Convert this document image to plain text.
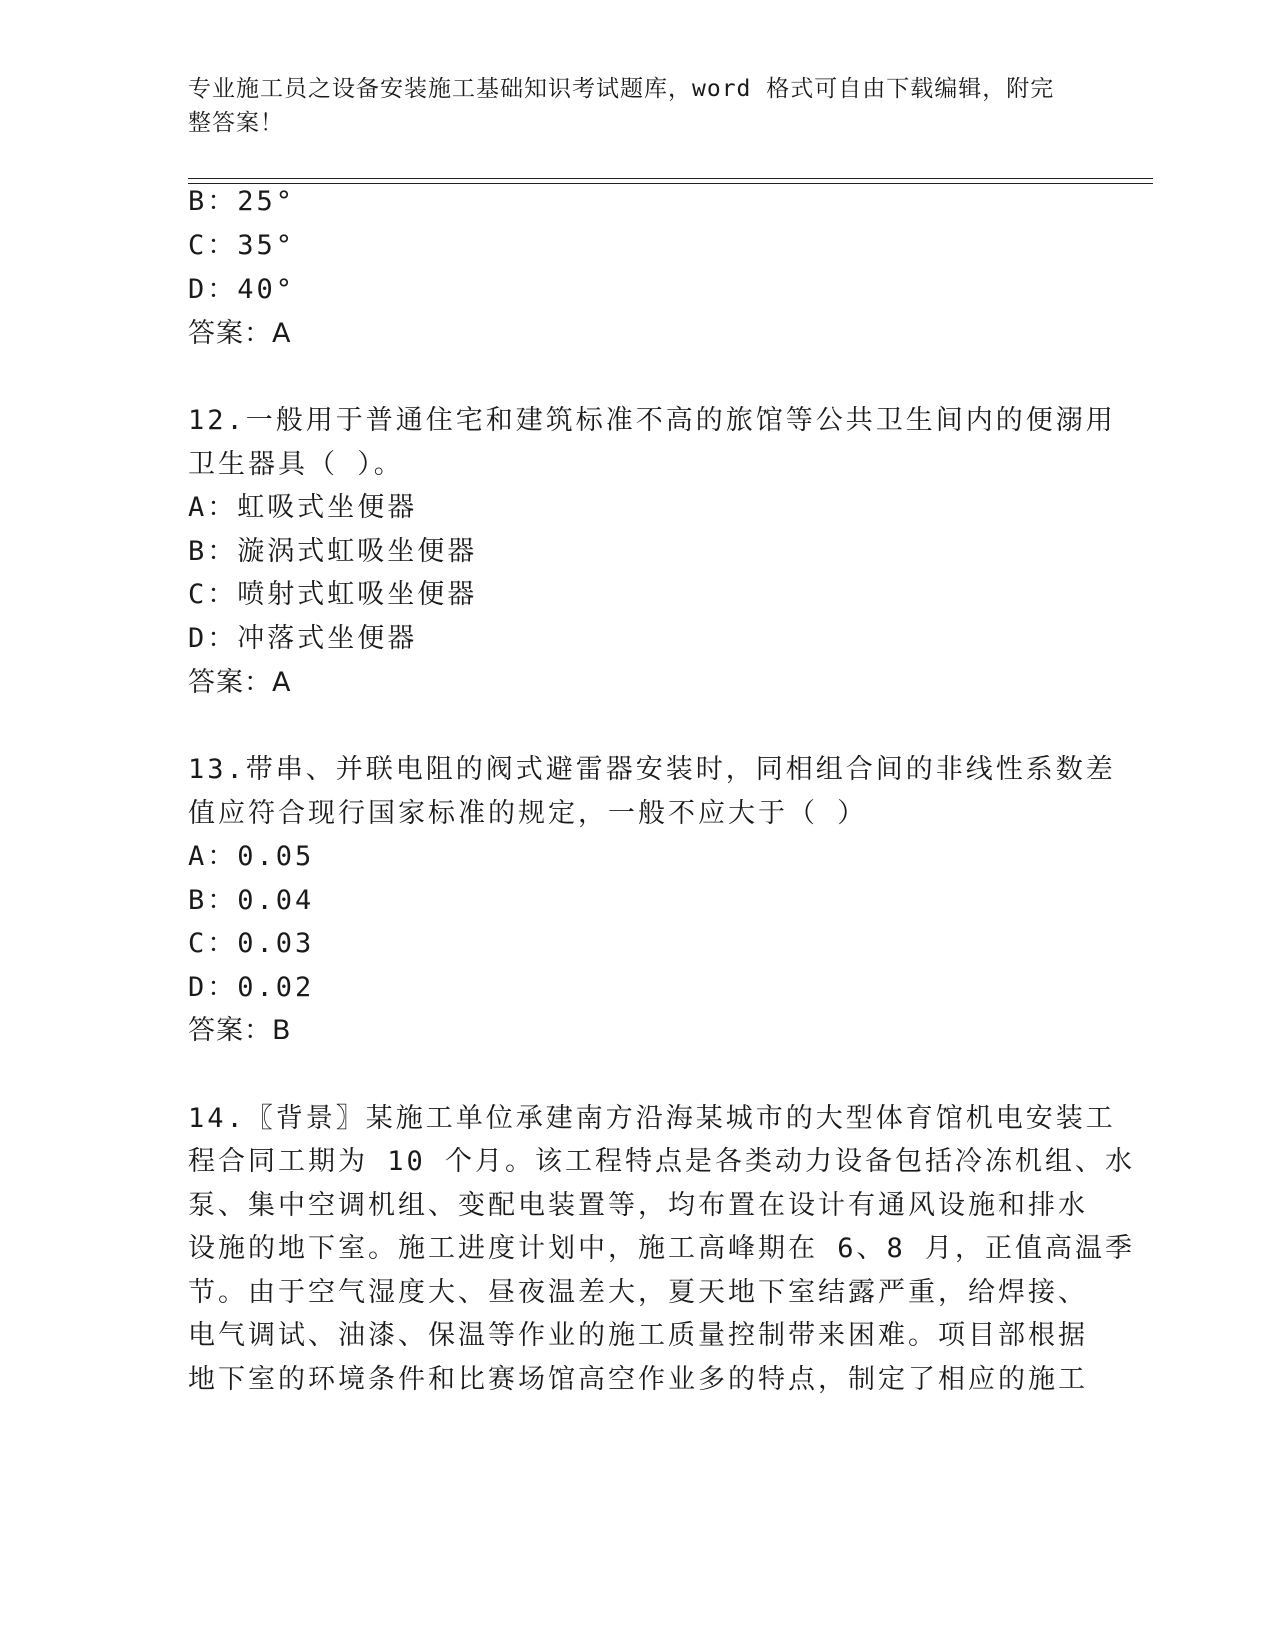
专业施工员之设备安装施工基础知识考试题库，word 格式可自由下载编辑，附完
整答案！
B：25°
C：35°
D：40°
答案：A
12.一般用于普通住宅和建筑标准不高的旅馆等公共卫生间内的便溺用
卫生器具（ ）。
A：虹吸式坐便器
B：漩涡式虹吸坐便器
C：喷射式虹吸坐便器
D：冲落式坐便器
答案：A
13.带串、并联电阻的阀式避雷器安装时，同相组合间的非线性系数差
值应符合现行国家标准的规定，一般不应大于（ ）
A：0.05
B：0.04
C：0.03
D：0.02
答案：B
14.〖背景〗某施工单位承建南方沿海某城市的大型体育馆机电安装工
程合同工期为 10 个月。该工程特点是各类动力设备包括冷冻机组、水
泵、集中空调机组、变配电装置等，均布置在设计有通风设施和排水
设施的地下室。施工进度计划中，施工高峰期在 6、8 月，正值高温季
节。由于空气湿度大、昼夜温差大，夏天地下室结露严重，给焊接、
电气调试、油漆、保温等作业的施工质量控制带来困难。项目部根据
地下室的环境条件和比赛场馆高空作业多的特点，制定了相应的施工
